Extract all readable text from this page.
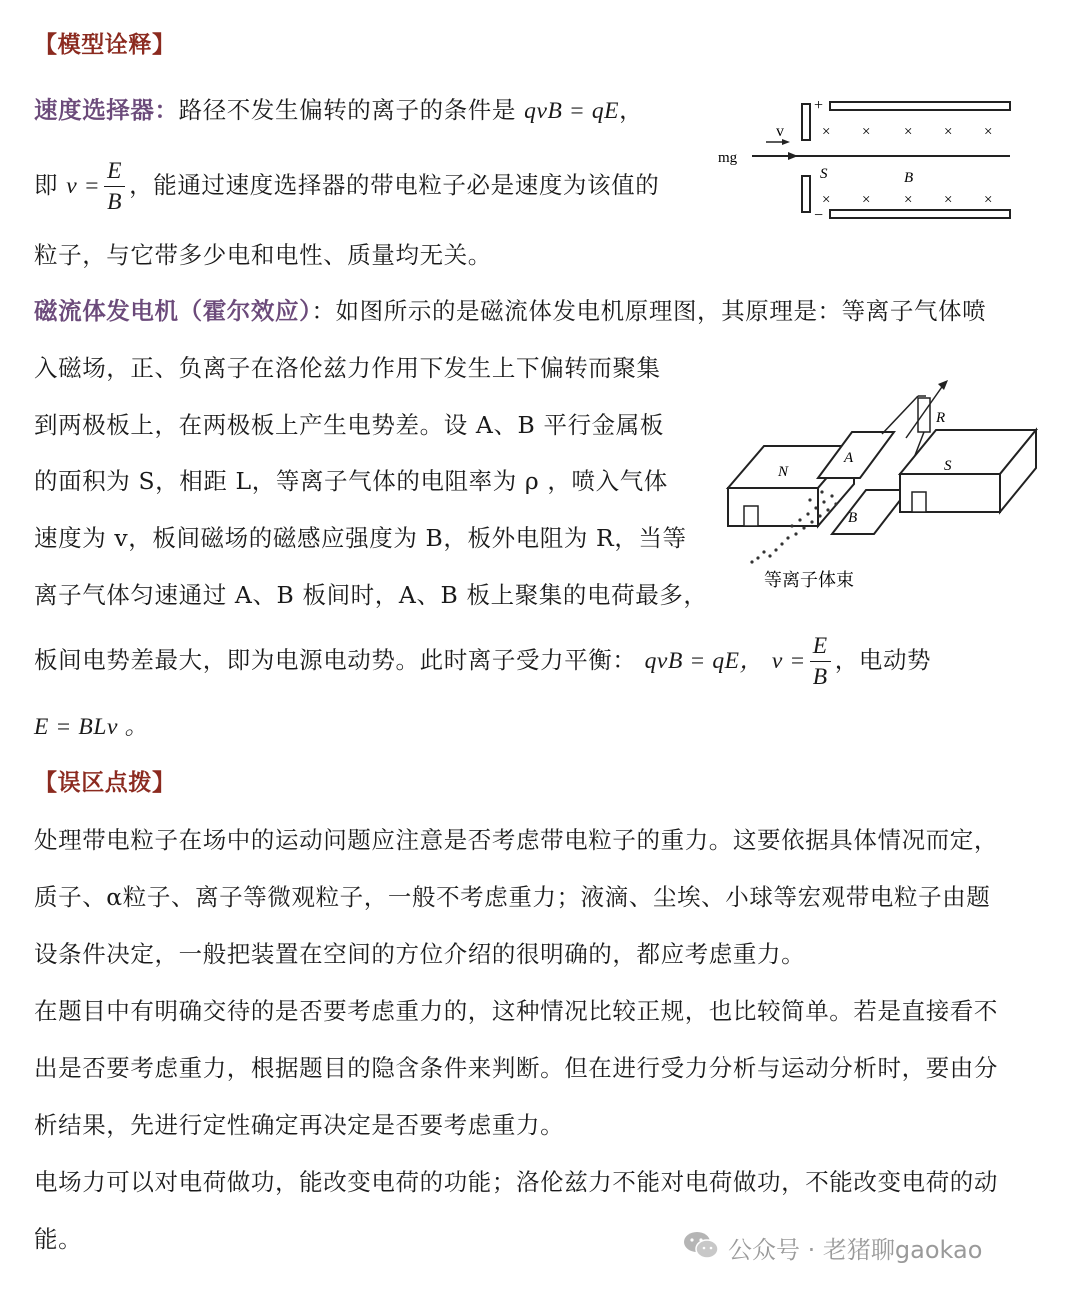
【模型诠释】
速度选择器：路径不发生偏转的离子的条件是 qvB = qE，
即 $v = \frac{E}{B}$ ，能通过速度选择器的带电粒子必是速度为该值的
粒子，与它带多少电和电性、质量均无关。
+
−
v
mg
S	B
× × × × ×
× × × × ×
磁流体发电机（霍尔效应）：如图所示的是磁流体发电机原理图，其原理是：等离子气体喷
入磁场，正、负离子在洛伦兹力作用下发生上下偏转而聚集
到两极板上，在两极板上产生电势差。设 A、B 平行金属板
的面积为 S，相距 L，等离子气体的电阻率为 ρ ，喷入气体
速度为 v，板间磁场的磁感应强度为 B，板外电阻为 R，当等
离子气体匀速通过 A、B 板间时，A、B 板上聚集的电荷最多，
板间电势差最大，即为电源电动势。此时离子受力平衡： qvB = qE， $v = \frac{E}{B}$ ，电动势
E = BLv 。
N
A
B
R
S
等离子体束
【误区点拨】
处理带电粒子在场中的运动问题应注意是否考虑带电粒子的重力。这要依据具体情况而定，
质子、α粒子、离子等微观粒子，一般不考虑重力；液滴、尘埃、小球等宏观带电粒子由题
设条件决定，一般把装置在空间的方位介绍的很明确的，都应考虑重力。
在题目中有明确交待的是否要考虑重力的，这种情况比较正规，也比较简单。若是直接看不
出是否要考虑重力，根据题目的隐含条件来判断。但在进行受力分析与运动分析时，要由分
析结果，先进行定性确定再决定是否要考虑重力。
电场力可以对电荷做功，能改变电荷的功能；洛伦兹力不能对电荷做功，不能改变电荷的动
能。	公众号 · 老猪聊gaokao
